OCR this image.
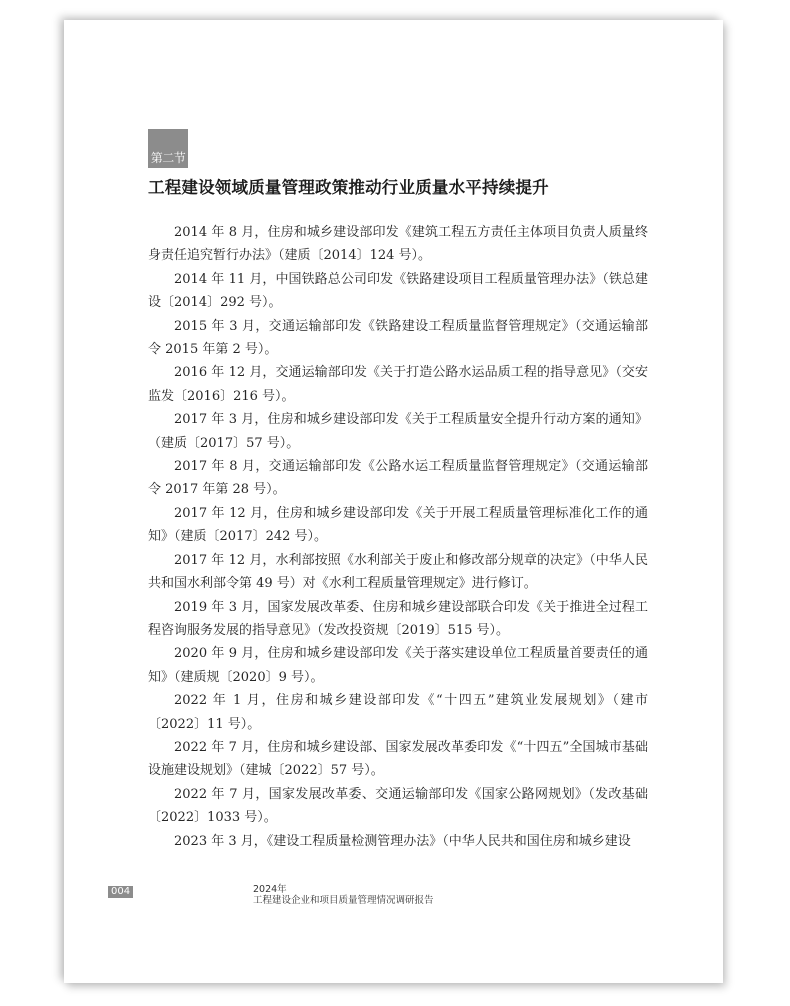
第二节
工程建设领域质量管理政策推动行业质量水平持续提升

2014 年 8 月，住房和城乡建设部印发《建筑工程五方责任主体项目负责人质量终身责任追究暂行办法》（建质〔2014〕124 号）。

2014 年 11 月，中国铁路总公司印发《铁路建设项目工程质量管理办法》（铁总建设〔2014〕292 号）。

2015 年 3 月，交通运输部印发《铁路建设工程质量监督管理规定》（交通运输部令 2015 年第 2 号）。

2016 年 12 月，交通运输部印发《关于打造公路水运品质工程的指导意见》（交安监发〔2016〕216 号）。

2017 年 3 月，住房和城乡建设部印发《关于工程质量安全提升行动方案的通知》（建质〔2017〕57 号）。

2017 年 8 月，交通运输部印发《公路水运工程质量监督管理规定》（交通运输部令 2017 年第 28 号）。

2017 年 12 月，住房和城乡建设部印发《关于开展工程质量管理标准化工作的通知》（建质〔2017〕242 号）。

2017 年 12 月，水利部按照《水利部关于废止和修改部分规章的决定》（中华人民共和国水利部令第 49 号）对《水利工程质量管理规定》进行修订。

2019 年 3 月，国家发展改革委、住房和城乡建设部联合印发《关于推进全过程工程咨询服务发展的指导意见》（发改投资规〔2019〕515 号）。

2020 年 9 月，住房和城乡建设部印发《关于落实建设单位工程质量首要责任的通知》（建质规〔2020〕9 号）。

2022 年 1 月，住房和城乡建设部印发《“十四五”建筑业发展规划》（建市〔2022〕11 号）。

2022 年 7 月，住房和城乡建设部、国家发展改革委印发《“十四五”全国城市基础设施建设规划》（建城〔2022〕57 号）。

2022 年 7 月，国家发展改革委、交通运输部印发《国家公路网规划》（发改基础〔2022〕1033 号）。

2023 年 3 月，《建设工程质量检测管理办法》（中华人民共和国住房和城乡建设

004	2024年
工程建设企业和项目质量管理情况调研报告
